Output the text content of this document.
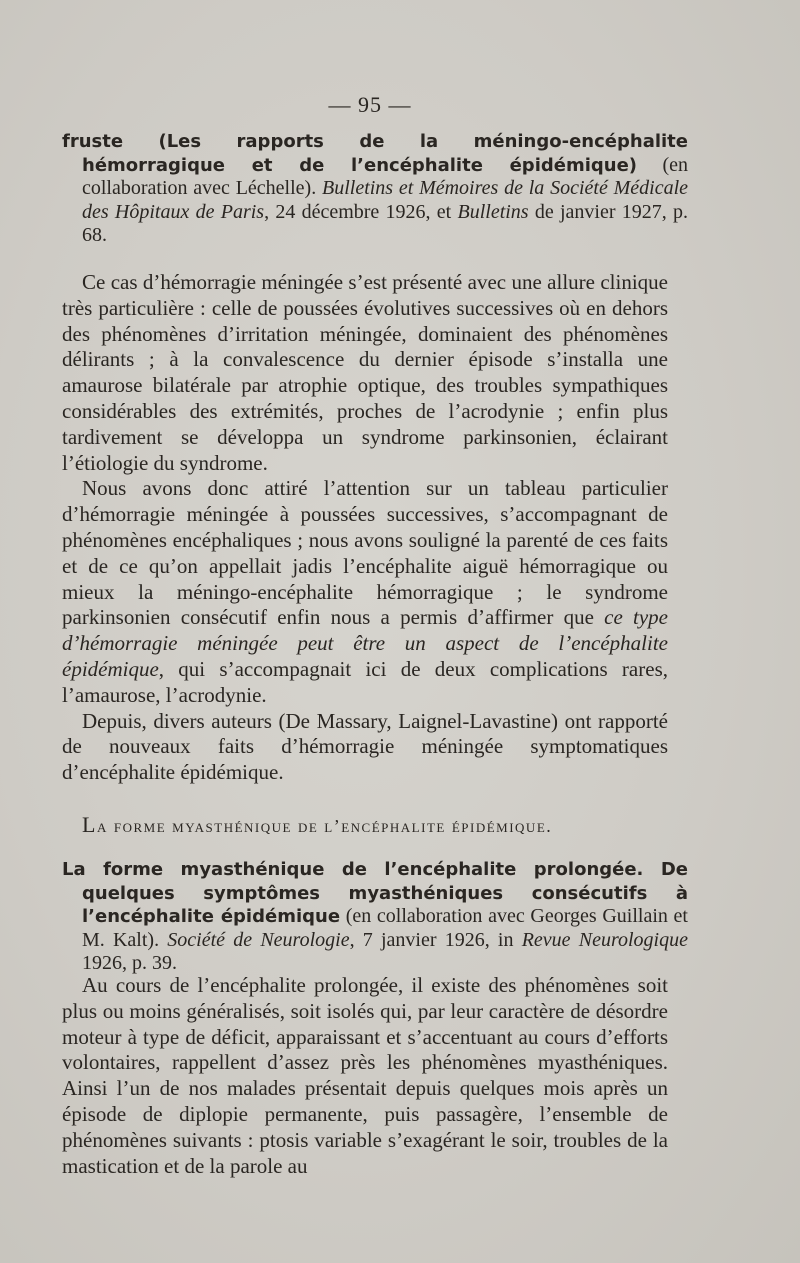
— 95 —
fruste (Les rapports de la méningo-encéphalite hémorragique et de l’encéphalite épidémique) (en collaboration avec Léchelle). Bulletins et Mémoires de la Société Médicale des Hôpitaux de Paris, 24 décembre 1926, et Bulletins de janvier 1927, p. 68.

Ce cas d’hémorragie méningée s’est présenté avec une allure clinique très particulière : celle de poussées évolutives successives où en dehors des phénomènes d’irritation méningée, dominaient des phénomènes délirants ; à la convalescence du dernier épisode s’installa une amaurose bilatérale par atrophie optique, des troubles sympathiques considérables des extrémités, proches de l’acrodynie ; enfin plus tardivement se développa un syndrome parkinsonien, éclairant l’étiologie du syndrome.

Nous avons donc attiré l’attention sur un tableau particulier d’hémorragie méningée à poussées successives, s’accompagnant de phénomènes encéphaliques ; nous avons souligné la parenté de ces faits et de ce qu’on appellait jadis l’encéphalite aiguë hémorragique ou mieux la méningo-encéphalite hémorragique ; le syndrome parkinsonien consécutif enfin nous a permis d’affirmer que ce type d’hémorragie méningée peut être un aspect de l’encéphalite épidémique, qui s’accompagnait ici de deux complications rares, l’amaurose, l’acrodynie.

Depuis, divers auteurs (De Massary, Laignel-Lavastine) ont rapporté de nouveaux faits d’hémorragie méningée symptomatiques d’encéphalite épidémique.

La forme myasthénique de l’encéphalite épidémique.
La forme myasthénique de l’encéphalite prolongée. De quelques symptômes myasthéniques consécutifs à l’encéphalite épidémique (en collaboration avec Georges Guillain et M. Kalt). Société de Neurologie, 7 janvier 1926, in Revue Neurologique 1926, p. 39.

Au cours de l’encéphalite prolongée, il existe des phénomènes soit plus ou moins généralisés, soit isolés qui, par leur caractère de désordre moteur à type de déficit, apparaissant et s’accentuant au cours d’efforts volontaires, rappellent d’assez près les phénomènes myasthéniques. Ainsi l’un de nos malades présentait depuis quelques mois après un épisode de diplopie permanente, puis passagère, l’ensemble de phénomènes suivants : ptosis variable s’exagérant le soir, troubles de la mastication et de la parole au
